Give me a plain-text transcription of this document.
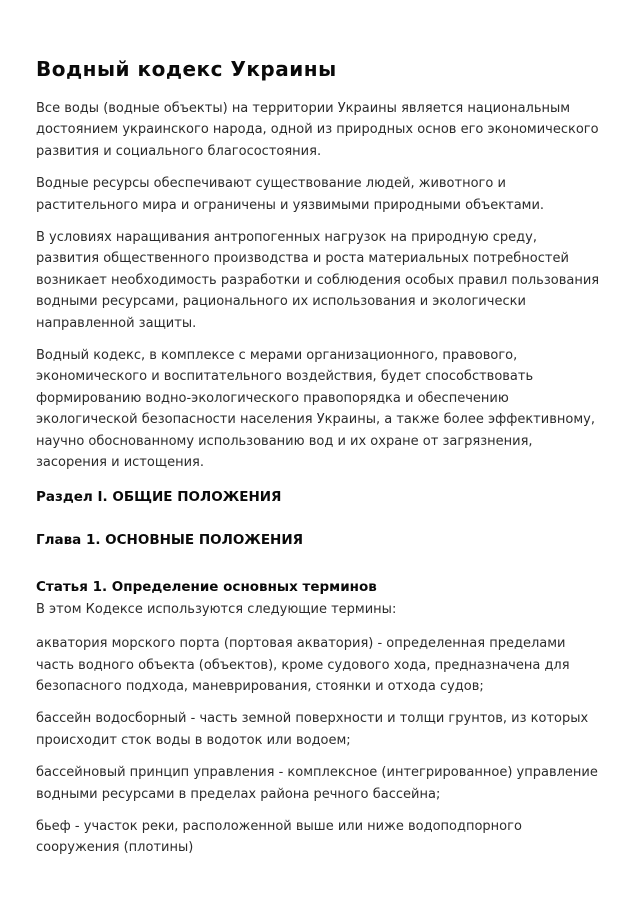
Водный кодекс Украины

Все воды (водные объекты) на территории Украины является национальным достоянием украинского народа, одной из природных основ его экономического развития и социального благосостояния.

Водные ресурсы обеспечивают существование людей, животного и растительного мира и ограничены и уязвимыми природными объектами.

В условиях наращивания антропогенных нагрузок на природную среду, развития общественного производства и роста материальных потребностей возникает необходимость разработки и соблюдения особых правил пользования водными ресурсами, рационального их использования и экологически направленной защиты.

Водный кодекс, в комплексе с мерами организационного, правового, экономического и воспитательного воздействия, будет способствовать формированию водно-экологического правопорядка и обеспечению экологической безопасности населения Украины, а также более эффективному, научно обоснованному использованию вод и их охране от загрязнения, засорения и истощения.

Раздел I. ОБЩИЕ ПОЛОЖЕНИЯ
Глава 1. ОСНОВНЫЕ ПОЛОЖЕНИЯ
Статья 1. Определение основных терминов

В этом Кодексе используются следующие термины:

акватория морского порта (портовая акватория) - определенная пределами часть водного объекта (объектов), кроме судового хода, предназначена для безопасного подхода, маневрирования, стоянки и отхода судов;

бассейн водосборный - часть земной поверхности и толщи грунтов, из которых происходит сток воды в водоток или водоем;

бассейновый принцип управления - комплексное (интегрированное) управление водными ресурсами в пределах района речного бассейна;

бьеф - участок реки, расположенной выше или ниже водоподпорного сооружения (плотины)
